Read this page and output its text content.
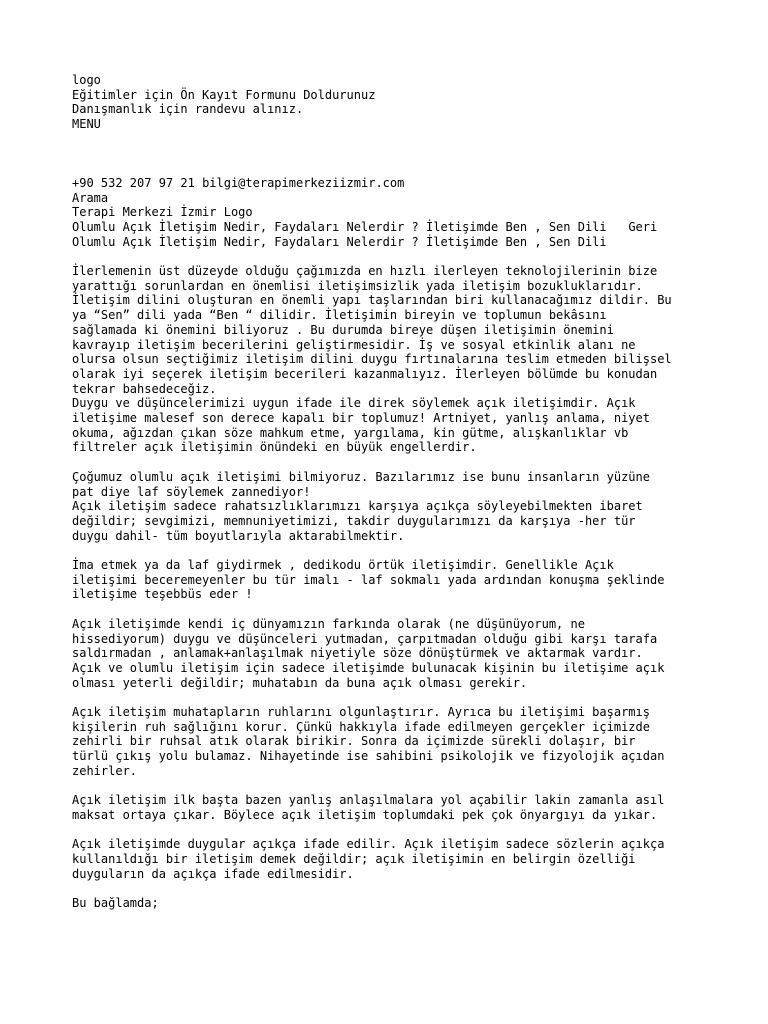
logo
Eğitimler için Ön Kayıt Formunu Doldurunuz
Danışmanlık için randevu alınız.
MENU
+90 532 207 97 21 bilgi@terapimerkeziizmir.com
Arama
Terapi Merkezi İzmir Logo
Olumlu Açık İletişim Nedir, Faydaları Nelerdir ? İletişimde Ben , Sen Dili Geri
Olumlu Açık İletişim Nedir, Faydaları Nelerdir ? İletişimde Ben , Sen Dili
İlerlemenin üst düzeyde olduğu çağımızda en hızlı ilerleyen teknolojilerinin bize
yarattığı sorunlardan en önemlisi iletişimsizlik yada iletişim bozukluklarıdır.
İletişim dilini oluşturan en önemli yapı taşlarından biri kullanacağımız dildir. Bu
ya “Sen” dili yada “Ben “ dilidir. İletişimin bireyin ve toplumun bekâsını
sağlamada ki önemini biliyoruz . Bu durumda bireye düşen iletişimin önemini
kavrayıp iletişim becerilerini geliştirmesidir. İş ve sosyal etkinlik alanı ne
olursa olsun seçtiğimiz iletişim dilini duygu fırtınalarına teslim etmeden bilişsel
olarak iyi seçerek iletişim becerileri kazanmalıyız. İlerleyen bölümde bu konudan
tekrar bahsedeceğiz.
Duygu ve düşüncelerimizi uygun ifade ile direk söylemek açık iletişimdir. Açık
iletişime malesef son derece kapalı bir toplumuz! Artniyet, yanlış anlama, niyet
okuma, ağızdan çıkan söze mahkum etme, yargılama, kin gütme, alışkanlıklar vb
filtreler açık iletişimin önündeki en büyük engellerdir.
Çoğumuz olumlu açık iletişimi bilmiyoruz. Bazılarımız ise bunu insanların yüzüne
pat diye laf söylemek zannediyor!
Açık iletişim sadece rahatsızlıklarımızı karşıya açıkça söyleyebilmekten ibaret
değildir; sevgimizi, memnuniyetimizi, takdir duygularımızı da karşıya -her tür
duygu dahil- tüm boyutlarıyla aktarabilmektir.
İma etmek ya da laf giydirmek , dedikodu örtük iletişimdir. Genellikle Açık
iletişimi beceremeyenler bu tür imalı - laf sokmalı yada ardından konuşma şeklinde
iletişime teşebbüs eder !
Açık iletişimde kendi iç dünyamızın farkında olarak (ne düşünüyorum, ne
hissediyorum) duygu ve düşünceleri yutmadan, çarpıtmadan olduğu gibi karşı tarafa
saldırmadan , anlamak+anlaşılmak niyetiyle söze dönüştürmek ve aktarmak vardır.
Açık ve olumlu iletişim için sadece iletişimde bulunacak kişinin bu iletişime açık
olması yeterli değildir; muhatabın da buna açık olması gerekir.
Açık iletişim muhatapların ruhlarını olgunlaştırır. Ayrıca bu iletişimi başarmış
kişilerin ruh sağlığını korur. Çünkü hakkıyla ifade edilmeyen gerçekler içimizde
zehirli bir ruhsal atık olarak birikir. Sonra da içimizde sürekli dolaşır, bir
türlü çıkış yolu bulamaz. Nihayetinde ise sahibini psikolojik ve fizyolojik açıdan
zehirler.
Açık iletişim ilk başta bazen yanlış anlaşılmalara yol açabilir lakin zamanla asıl
maksat ortaya çıkar. Böylece açık iletişim toplumdaki pek çok önyargıyı da yıkar.
Açık iletişimde duygular açıkça ifade edilir. Açık iletişim sadece sözlerin açıkça
kullanıldığı bir iletişim demek değildir; açık iletişimin en belirgin özelliği
duyguların da açıkça ifade edilmesidir.
Bu bağlamda;
